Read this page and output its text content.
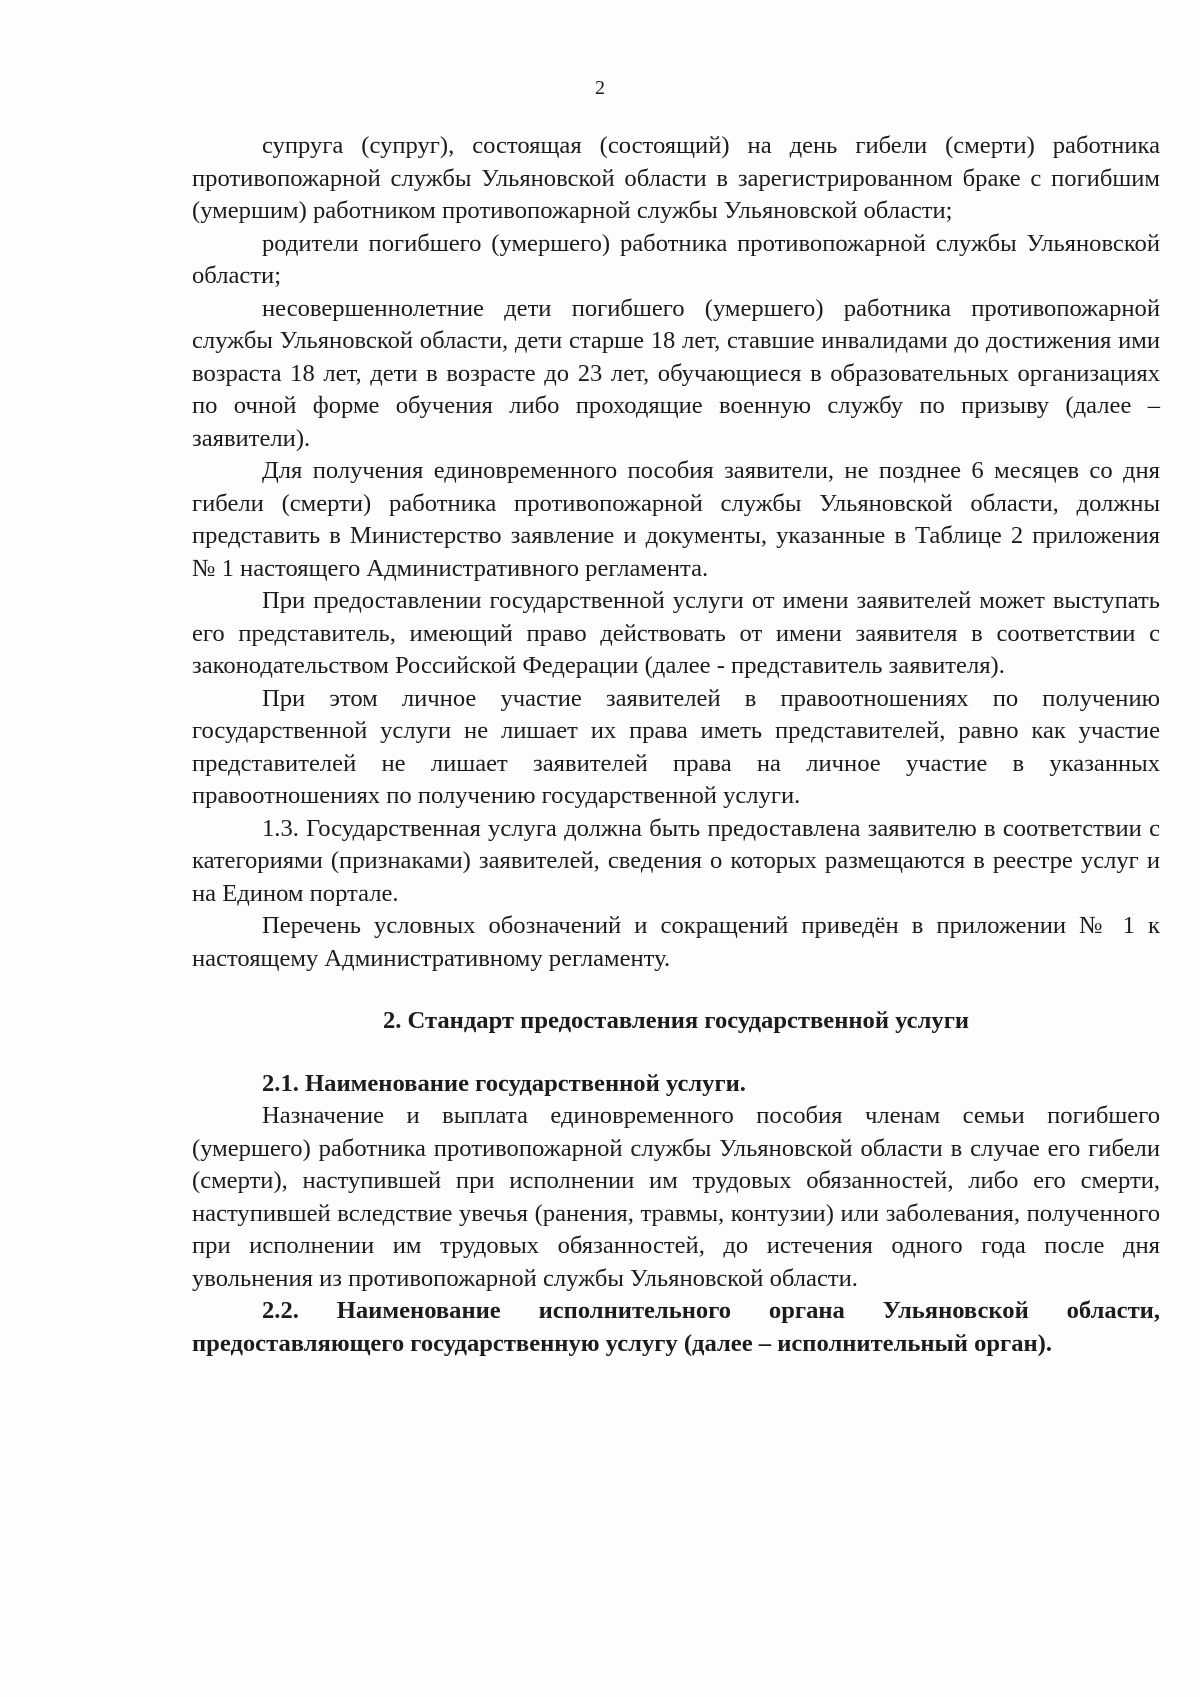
2

супруга (супруг), состоящая (состоящий) на день гибели (смерти) работника противопожарной службы Ульяновской области в зарегистрированном браке с погибшим (умершим) работником противопожарной службы Ульяновской области;

родители погибшего (умершего) работника противопожарной службы Ульяновской области;

несовершеннолетние дети погибшего (умершего) работника противопожарной службы Ульяновской области, дети старше 18 лет, ставшие инвалидами до достижения ими возраста 18 лет, дети в возрасте до 23 лет, обучающиеся в образовательных организациях по очной форме обучения либо проходящие военную службу по призыву (далее – заявители).

Для получения единовременного пособия заявители, не позднее 6 месяцев со дня гибели (смерти) работника противопожарной службы Ульяновской области, должны представить в Министерство заявление и документы, указанные в Таблице 2 приложения № 1 настоящего Административного регламента.

При предоставлении государственной услуги от имени заявителей может выступать его представитель, имеющий право действовать от имени заявителя в соответствии с законодательством Российской Федерации (далее - представитель заявителя).

При этом личное участие заявителей в правоотношениях по получению государственной услуги не лишает их права иметь представителей, равно как участие представителей не лишает заявителей права на личное участие в указанных правоотношениях по получению государственной услуги.

1.3. Государственная услуга должна быть предоставлена заявителю в соответствии с категориями (признаками) заявителей, сведения о которых размещаются в реестре услуг и на Едином портале.

Перечень условных обозначений и сокращений приведён в приложении № 1 к настоящему Административному регламенту.

2. Стандарт предоставления государственной услуги

2.1. Наименование государственной услуги.

Назначение и выплата единовременного пособия членам семьи погибшего (умершего) работника противопожарной службы Ульяновской области в случае его гибели (смерти), наступившей при исполнении им трудовых обязанностей, либо его смерти, наступившей вследствие увечья (ранения, травмы, контузии) или заболевания, полученного при исполнении им трудовых обязанностей, до истечения одного года после дня увольнения из противопожарной службы Ульяновской области.

2.2. Наименование исполнительного органа Ульяновской области, предоставляющего государственную услугу (далее – исполнительный орган).
